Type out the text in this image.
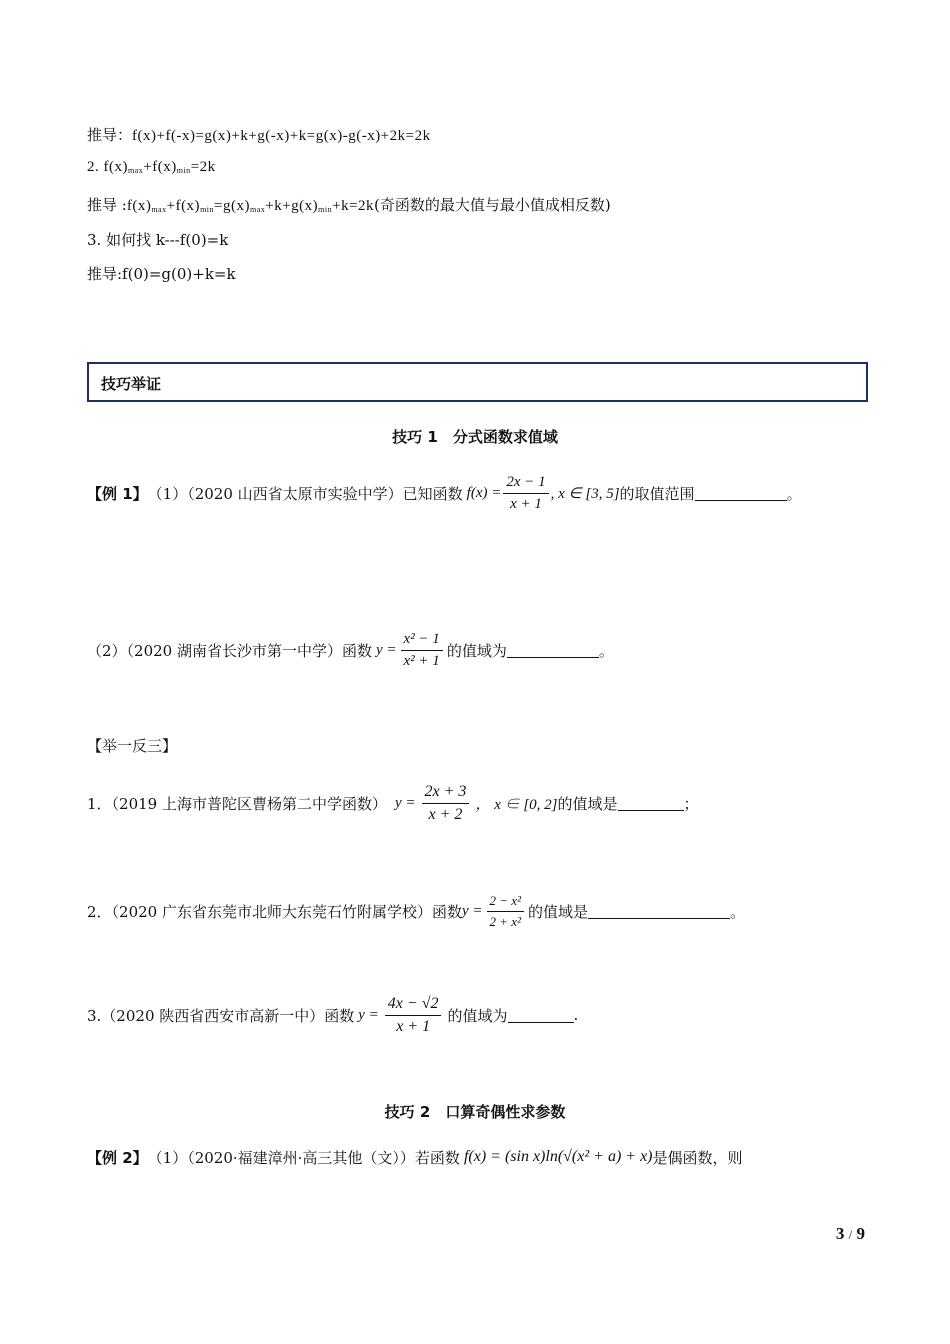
推导：f(x)+f(-x)=g(x)+k+g(-x)+k=g(x)-g(-x)+2k=2k
2. $f(x)_{max}+f(x)_{min}=2k$
推导 $:f(x)_{max}+f(x)_{min}=g(x)_{max}+k+g(x)_{min}+k=2k$(奇函数的最大值与最小值成相反数)
3. 如何找 k---f(0)=k
推导:f(0)=g(0)+k=k
技巧举证
技巧 1　分式函数求值域
【例 1】 （1）（2020 山西省太原市实验中学）已知函数 $f(x) = \frac{2x - 1}{x + 1}$ , x ∈ [3, 5] 的取值范围	。
（2）（2020 湖南省长沙市第一中学）函数 $y = \frac{\text{x² − 1}}{\text{x² + 1}}$ 的值域为	。
【举一反三】
1．（2019 上海市普陀区曹杨第二中学函数） $y = \frac{2x + 3}{x + 2}$ ， x ∈ [0, 2] 的值域是	；
2．（2020 广东省东莞市北师大东莞石竹附属学校）函数 $y = \frac{\text{2 − x²}}{\text{2 + x²}}$ 的值域是	。
3.（2020 陕西省西安市高新一中）函数 $y = \frac{4x - √2}{x + 1}$ 的值域为	.
技巧 2　口算奇偶性求参数
【例 2】 （1）（2020·福建漳州·高三其他（文））若函数 f(x) = (sin x)ln(√(x² + a) + x) 是偶函数，则
3 / 9
